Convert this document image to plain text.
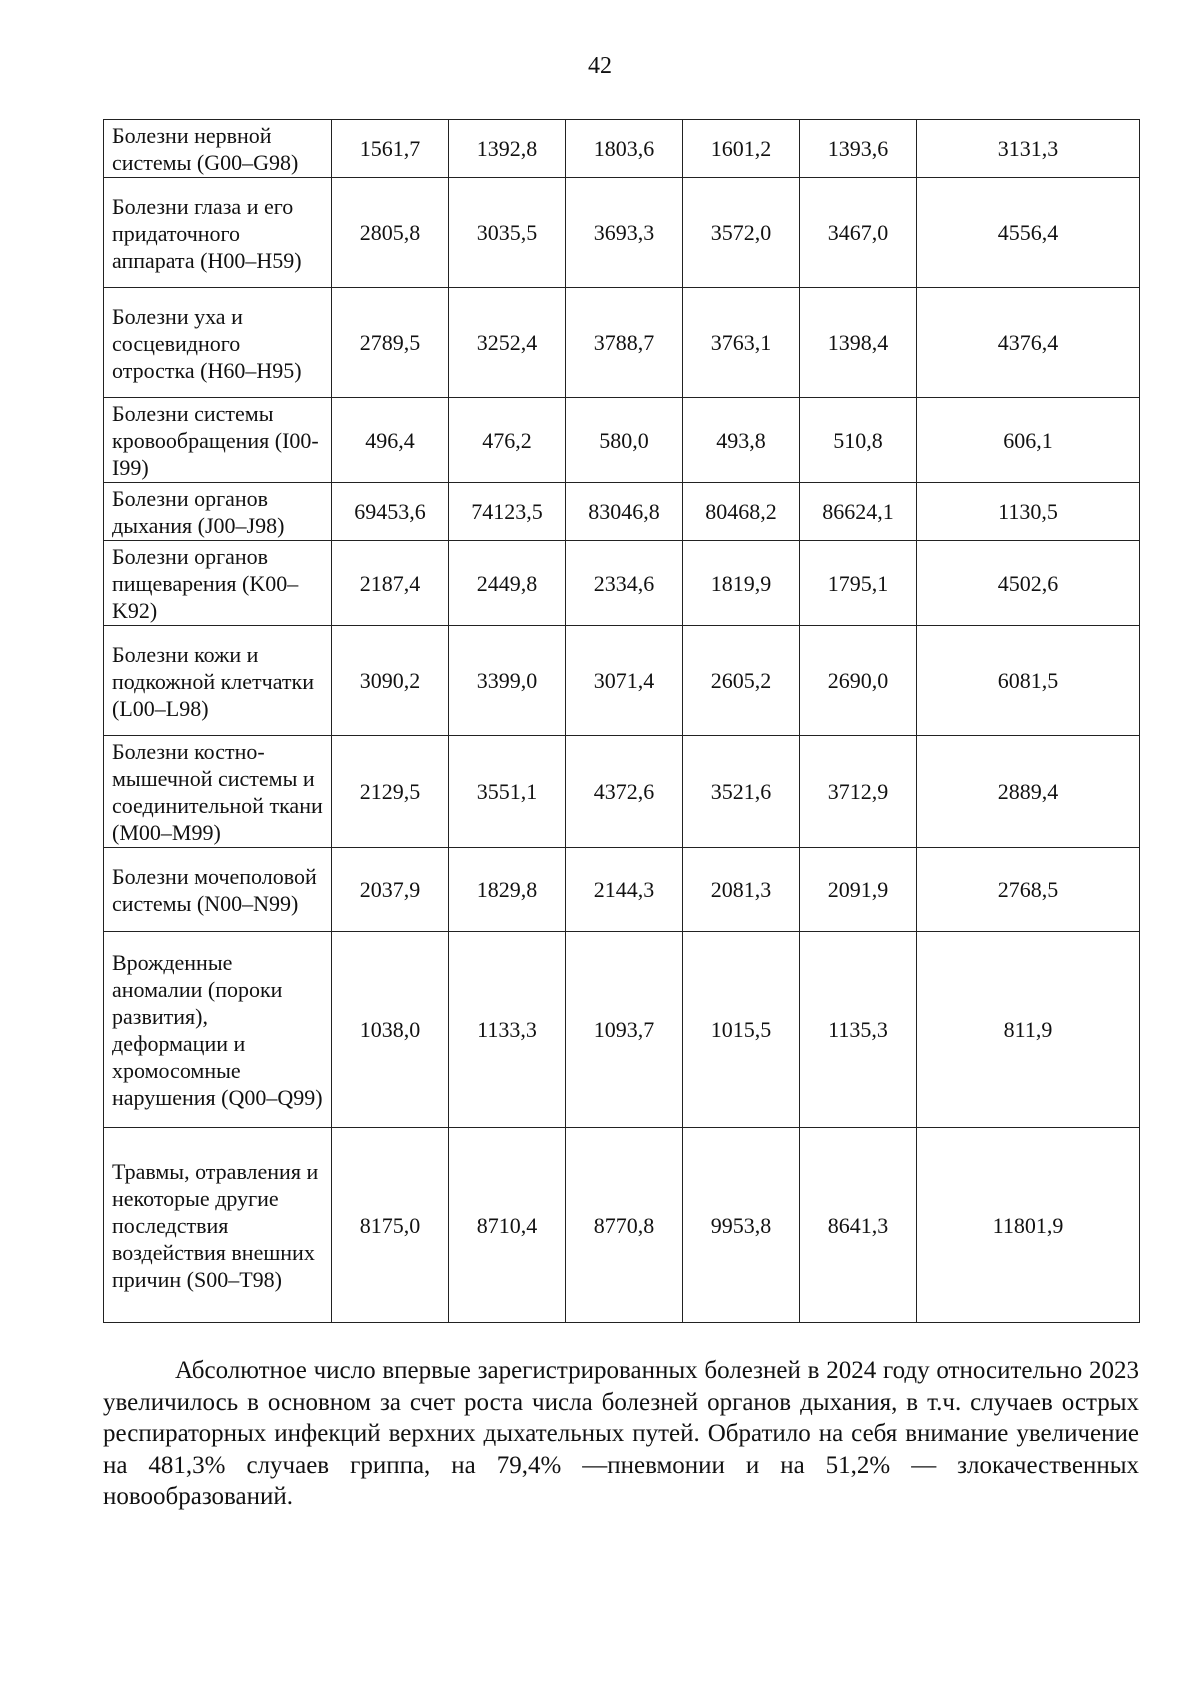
42
Болезни нервной системы (G00–G98)	1561,7	1392,8	1803,6	1601,2	1393,6	3131,3
Болезни глаза и его придаточного аппарата (H00–H59)	2805,8	3035,5	3693,3	3572,0	3467,0	4556,4
Болезни уха и сосцевидного отростка (H60–H95)	2789,5	3252,4	3788,7	3763,1	1398,4	4376,4
Болезни системы кровообращения (I00-I99)	496,4	476,2	580,0	493,8	510,8	606,1
Болезни органов дыхания (J00–J98)	69453,6	74123,5	83046,8	80468,2	86624,1	1130,5
Болезни органов пищеварения (K00–K92)	2187,4	2449,8	2334,6	1819,9	1795,1	4502,6
Болезни кожи и подкожной клетчатки (L00–L98)	3090,2	3399,0	3071,4	2605,2	2690,0	6081,5
Болезни костно-мышечной системы и соединительной ткани (M00–M99)	2129,5	3551,1	4372,6	3521,6	3712,9	2889,4
Болезни мочеполовой системы (N00–N99)	2037,9	1829,8	2144,3	2081,3	2091,9	2768,5
Врожденные аномалии (пороки развития), деформации и хромосомные нарушения (Q00–Q99)	1038,0	1133,3	1093,7	1015,5	1135,3	811,9
Травмы, отравления и некоторые другие последствия воздействия внешних причин (S00–T98)	8175,0	8710,4	8770,8	9953,8	8641,3	11801,9

Абсолютное число впервые зарегистрированных болезней в 2024 году относительно 2023 увеличилось в основном за счет роста числа болезней органов дыхания, в т.ч. случаев острых респираторных инфекций верхних дыхательных путей. Обратило на себя внимание увеличение на 481,3% случаев гриппа, на 79,4% —пневмонии и на 51,2% — злокачественных новообразований.
